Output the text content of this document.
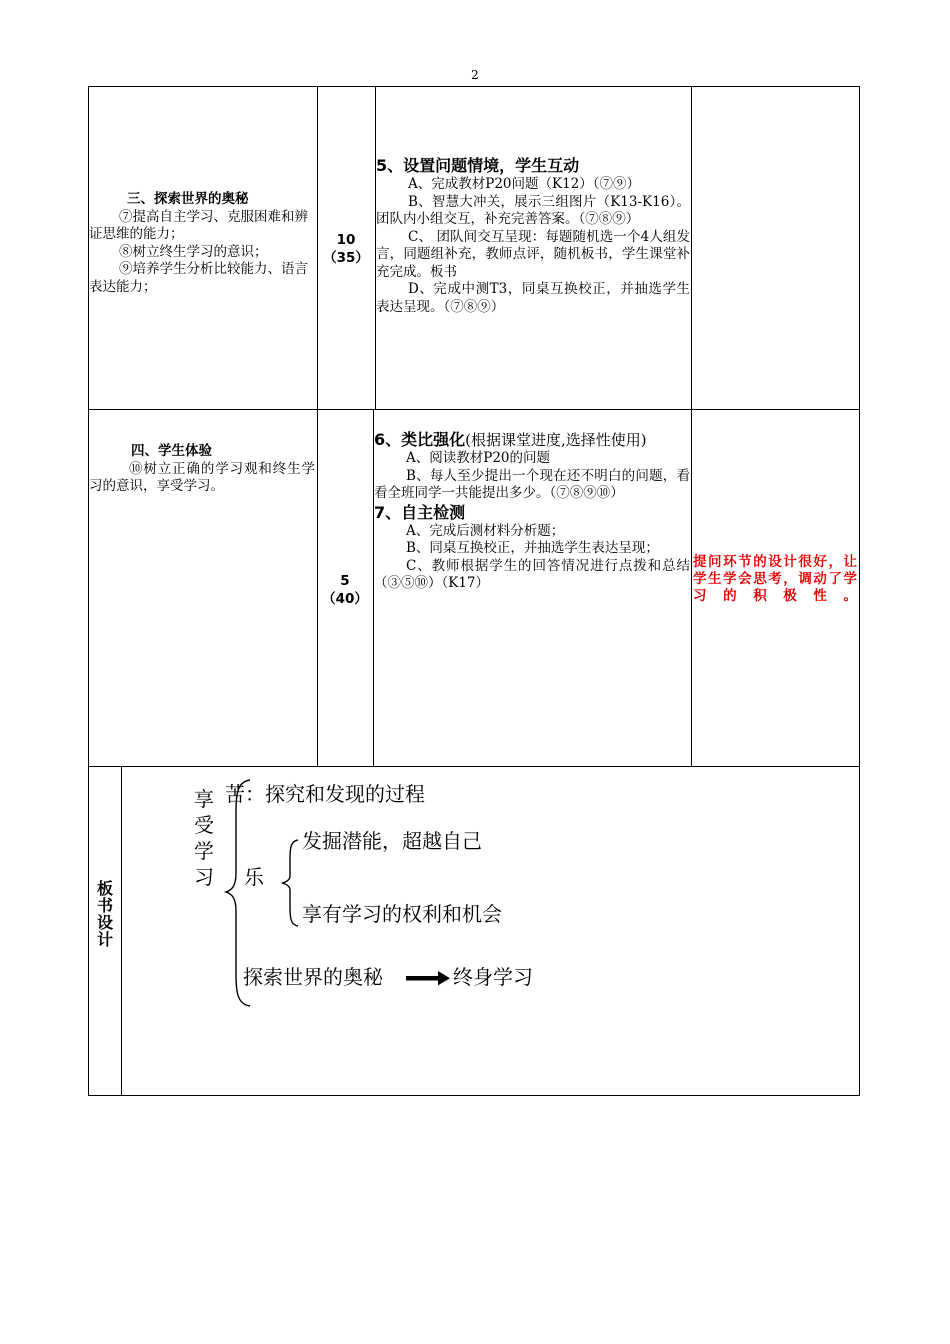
2
三、探索世界的奥秘
⑦提高自主学习、克服困难和辨证思维的能力；
⑧树立终生学习的意识；
⑨培养学生分析比较能力、语言表达能力；
10
（35）
5、设置问题情境，学生互动
A、完成教材P20问题（K12）（⑦⑨）
B、智慧大冲关，展示三组图片（K13-K16）。团队内小组交互，补充完善答案。（⑦⑧⑨）
C、 团队间交互呈现：每题随机选一个4人组发言，同题组补充，教师点评，随机板书，学生课堂补充完成。板书
D、完成中测T3，同桌互换校正，并抽选学生表达呈现。（⑦⑧⑨）
四、学生体验
⑩树立正确的学习观和终生学习的意识，享受学习。
5
（40）
6、类比强化(根据课堂进度,选择性使用)
A、阅读教材P20的问题
B、每人至少提出一个现在还不明白的问题，看看全班同学一共能提出多少。（⑦⑧⑨⑩）
7、自主检测
A、完成后测材料分析题；
B、同桌互换校正，并抽选学生表达呈现；
C、教师根据学生的回答情况进行点拨和总结（③⑤⑩）（K17）
提问环节的设计很好，让学生学会思考，调动了学习的积极性。
板书设计
享受学习
苦：探究和发现的过程
乐
发掘潜能，超越自己
享有学习的权利和机会
探索世界的奥秘	终身学习
